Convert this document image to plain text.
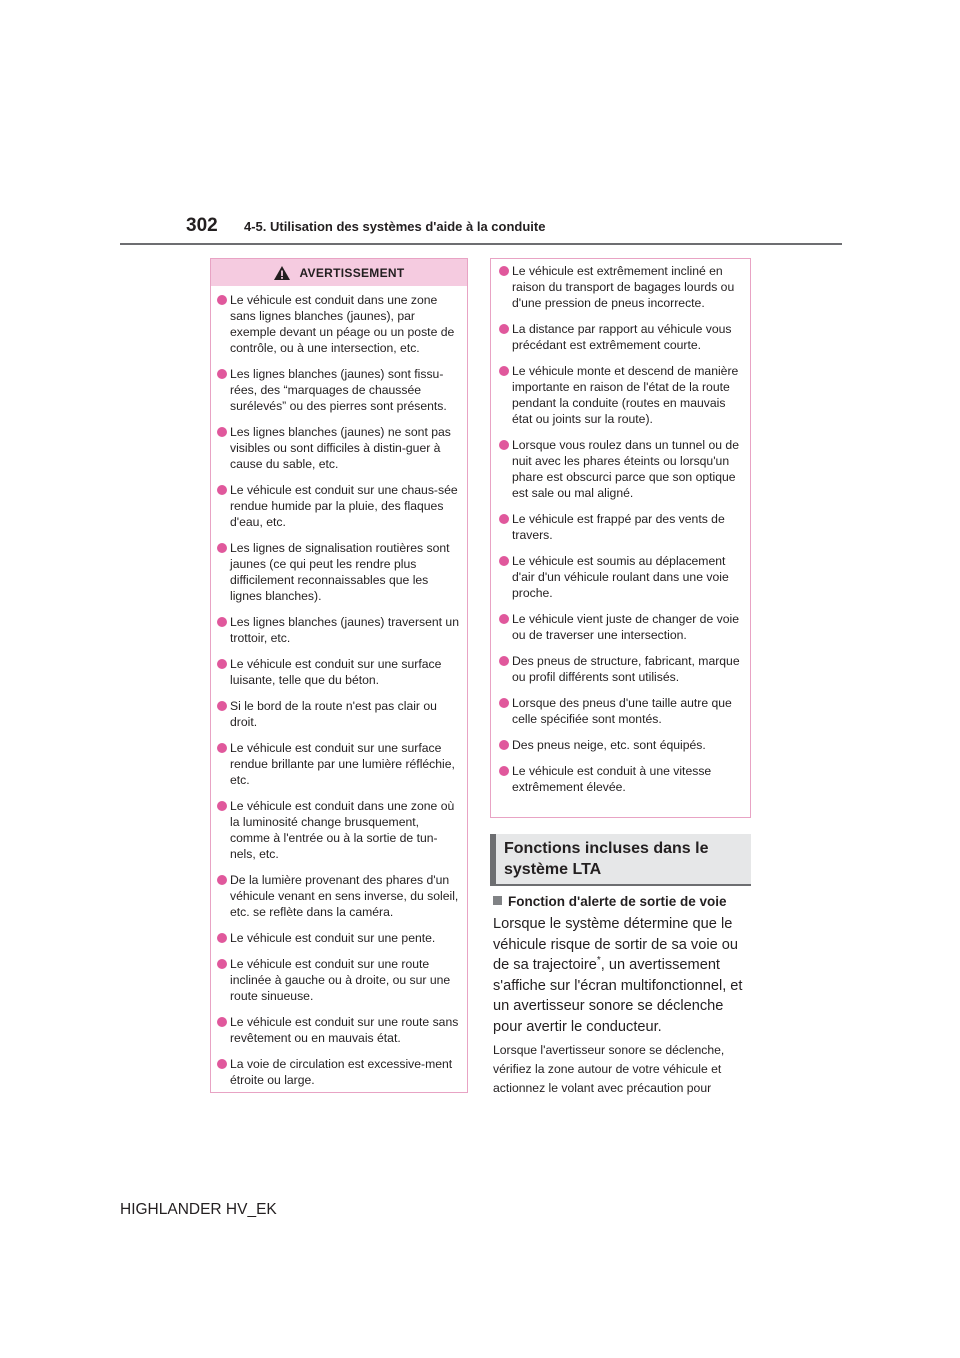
302 4-5. Utilisation des systèmes d'aide à la conduite
AVERTISSEMENT
Le véhicule est conduit dans une zone sans lignes blanches (jaunes), par exemple devant un péage ou un poste de contrôle, ou à une intersection, etc.
Les lignes blanches (jaunes) sont fissu-rées, des “marquages de chaussée surélevés” ou des pierres sont présents.
Les lignes blanches (jaunes) ne sont pas visibles ou sont difficiles à distin-guer à cause du sable, etc.
Le véhicule est conduit sur une chaus-sée rendue humide par la pluie, des flaques d'eau, etc.
Les lignes de signalisation routières sont jaunes (ce qui peut les rendre plus difficilement reconnaissables que les lignes blanches).
Les lignes blanches (jaunes) traversent un trottoir, etc.
Le véhicule est conduit sur une surface luisante, telle que du béton.
Si le bord de la route n'est pas clair ou droit.
Le véhicule est conduit sur une surface rendue brillante par une lumière réfléchie, etc.
Le véhicule est conduit dans une zone où la luminosité change brusquement, comme à l'entrée ou à la sortie de tun-nels, etc.
De la lumière provenant des phares d'un véhicule venant en sens inverse, du soleil, etc. se reflète dans la caméra.
Le véhicule est conduit sur une pente.
Le véhicule est conduit sur une route inclinée à gauche ou à droite, ou sur une route sinueuse.
Le véhicule est conduit sur une route sans revêtement ou en mauvais état.
La voie de circulation est excessive-ment étroite ou large.
Le véhicule est extrêmement incliné en raison du transport de bagages lourds ou d'une pression de pneus incorrecte.
La distance par rapport au véhicule vous précédant est extrêmement courte.
Le véhicule monte et descend de manière importante en raison de l'état de la route pendant la conduite (routes en mauvais état ou joints sur la route).
Lorsque vous roulez dans un tunnel ou de nuit avec les phares éteints ou lorsqu'un phare est obscurci parce que son optique est sale ou mal aligné.
Le véhicule est frappé par des vents de travers.
Le véhicule est soumis au déplacement d'air d'un véhicule roulant dans une voie proche.
Le véhicule vient juste de changer de voie ou de traverser une intersection.
Des pneus de structure, fabricant, marque ou profil différents sont utilisés.
Lorsque des pneus d'une taille autre que celle spécifiée sont montés.
Des pneus neige, etc. sont équipés.
Le véhicule est conduit à une vitesse extrêmement élevée.
Fonctions incluses dans le système LTA
Fonction d'alerte de sortie de voie
Lorsque le système détermine que le véhicule risque de sortir de sa voie ou de sa trajectoire*, un avertissement s'affiche sur l'écran multifonctionnel, et un avertisseur sonore se déclenche pour avertir le conducteur.
Lorsque l'avertisseur sonore se déclenche, vérifiez la zone autour de votre véhicule et actionnez le volant avec précaution pour
HIGHLANDER HV_EK
